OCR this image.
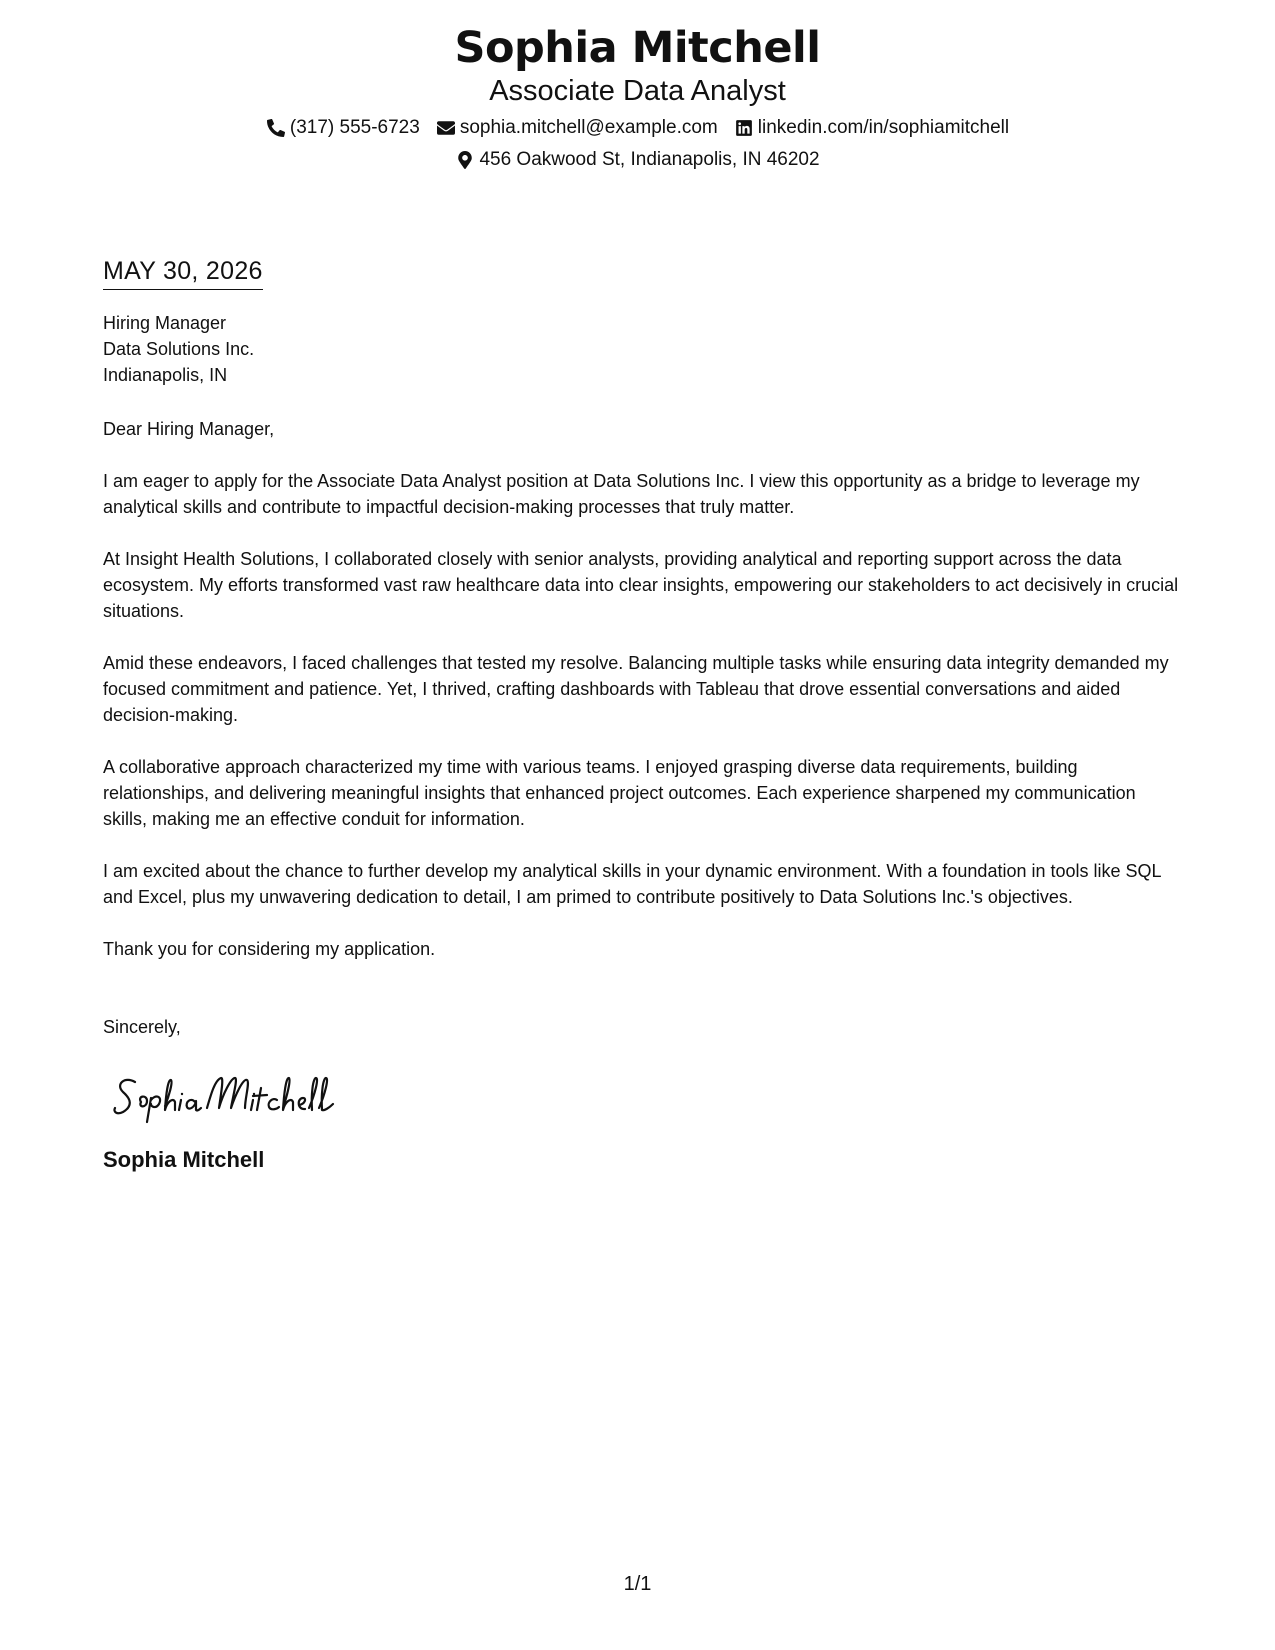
Sophia Mitchell
Associate Data Analyst
(317) 555-6723 sophia.mitchell@example.com linkedin.com/in/sophiamitchell
456 Oakwood St, Indianapolis, IN 46202
MAY 30, 2026
Hiring Manager
Data Solutions Inc.
Indianapolis, IN
Dear Hiring Manager,
I am eager to apply for the Associate Data Analyst position at Data Solutions Inc. I view this opportunity as a bridge to leverage my analytical skills and contribute to impactful decision-making processes that truly matter.
At Insight Health Solutions, I collaborated closely with senior analysts, providing analytical and reporting support across the data ecosystem. My efforts transformed vast raw healthcare data into clear insights, empowering our stakeholders to act decisively in crucial situations.
Amid these endeavors, I faced challenges that tested my resolve. Balancing multiple tasks while ensuring data integrity demanded my focused commitment and patience. Yet, I thrived, crafting dashboards with Tableau that drove essential conversations and aided decision-making.
A collaborative approach characterized my time with various teams. I enjoyed grasping diverse data requirements, building relationships, and delivering meaningful insights that enhanced project outcomes. Each experience sharpened my communication skills, making me an effective conduit for information.
I am excited about the chance to further develop my analytical skills in your dynamic environment. With a foundation in tools like SQL and Excel, plus my unwavering dedication to detail, I am primed to contribute positively to Data Solutions Inc.'s objectives.
Thank you for considering my application.
Sincerely,
Sophia Mitchell
1/1
